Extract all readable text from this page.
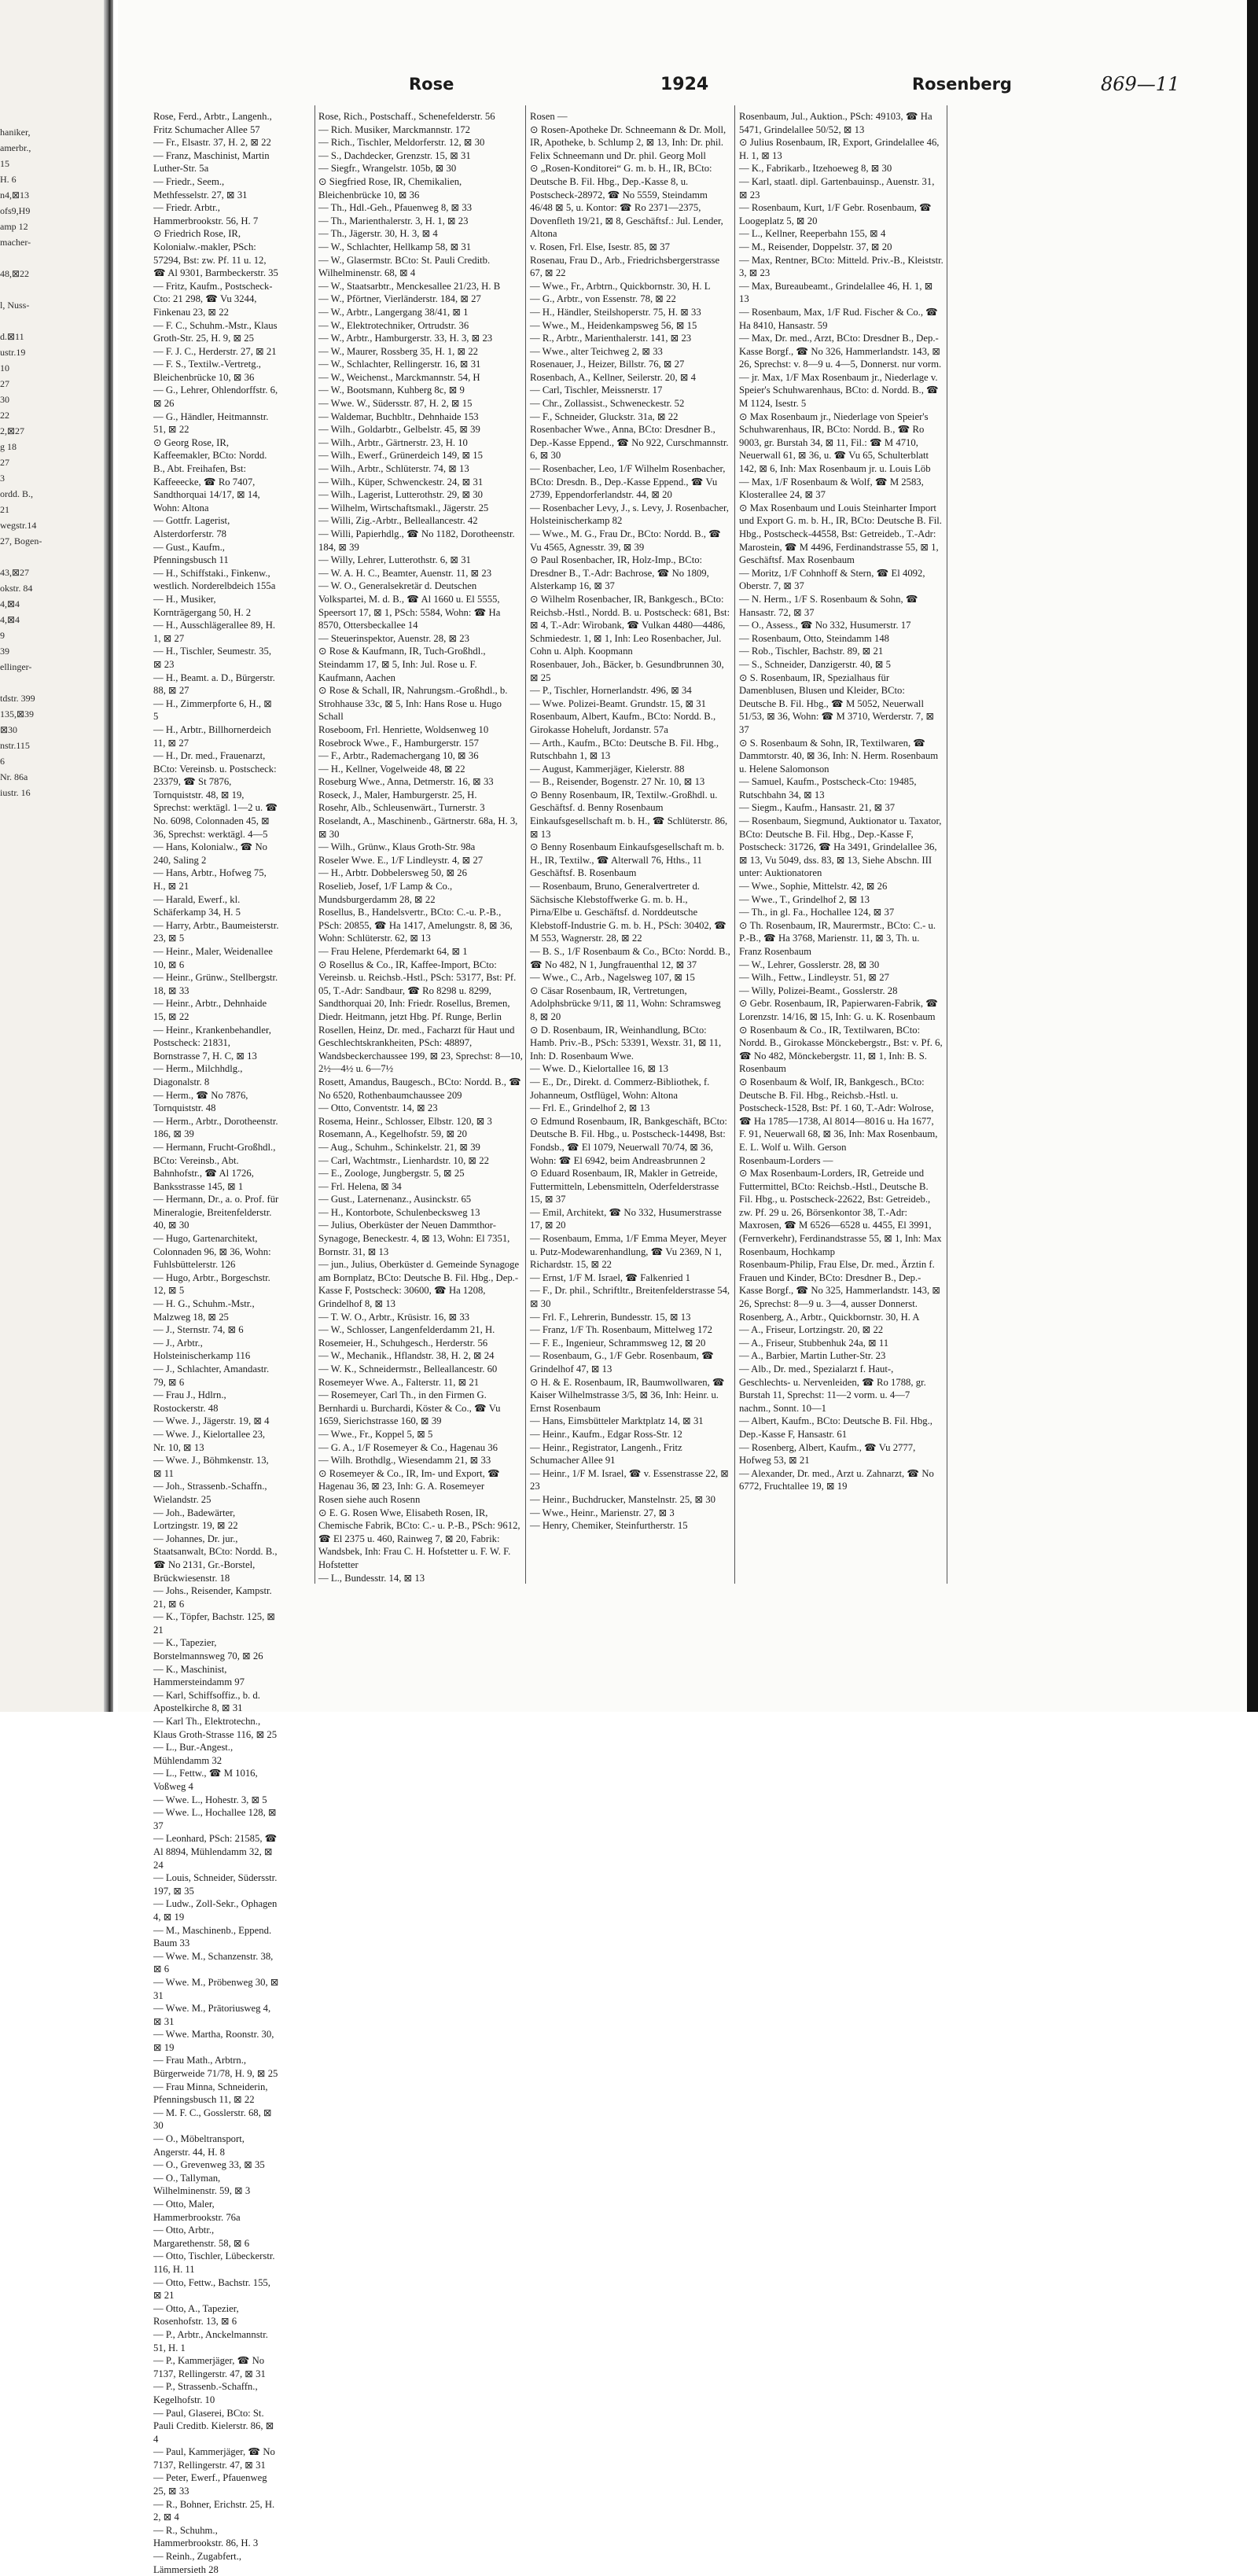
haniker,
amerbr.,
15
H. 6
n4,⊠13
ofs9,H9
amp 12
macher-

48,⊠22

l, Nuss-

d.⊠11
ustr.19
10
27
30
22
2,⊠27
g 18
27
3
ordd. B.,
21
wegstr.14
27, Bogen-

43,⊠27
okstr. 84
4,⊠4
4,⊠4
9
39
ellinger-

tdstr. 399
135,⊠39
⊠30
nstr.115
6
Nr. 86a
iustr. 16
Rose	1924	Rosenberg	869—11
Rose, Ferd., Arbtr., Langenh., Fritz Schumacher Allee 57
— Fr., Elsastr. 37, H. 2, ⊠ 22
— Franz, Maschinist, Martin Luther-Str. 5a
— Friedr., Seem., Methfesselstr. 27, ⊠ 31
— Friedr. Arbtr., Hammerbrookstr. 56, H. 7
⊙ Friedrich Rose, IR, Kolonialw.-makler, PSch: 57294, Bst: zw. Pf. 11 u. 12, ☎ Al 9301, Barmbeckerstr. 35
— Fritz, Kaufm., Postscheck-Cto: 21 298, ☎ Vu 3244, Finkenau 23, ⊠ 22
— F. C., Schuhm.-Mstr., Klaus Groth-Str. 25, H. 9, ⊠ 25
— F. J. C., Herderstr. 27, ⊠ 21
— F. S., Textilw.-Vertretg., Bleichenbrücke 10, ⊠ 36
— G., Lehrer, Ohlendorffstr. 6, ⊠ 26
— G., Händler, Heitmannstr. 51, ⊠ 22
⊙ Georg Rose, IR, Kaffeemakler, BCto: Nordd. B., Abt. Freihafen, Bst: Kaffeeecke, ☎ Ro 7407, Sandthorquai 14/17, ⊠ 14, Wohn: Altona
— Gottfr. Lagerist, Alsterdorferstr. 78
— Gust., Kaufm., Pfenningsbusch 11
— H., Schiffstaki., Finkenw., westlich. Norderelbdeich 155a
— H., Musiker, Kornträgergang 50, H. 2
— H., Ausschlägerallee 89, H. 1, ⊠ 27
— H., Tischler, Seumestr. 35, ⊠ 23
— H., Beamt. a. D., Bürgerstr. 88, ⊠ 27
— H., Zimmerpforte 6, H., ⊠ 5
— H., Arbtr., Billhornerdeich 11, ⊠ 27
— H., Dr. med., Frauenarzt, BCto: Vereinsb. u. Postscheck: 23379, ☎ St 7876, Tornquiststr. 48, ⊠ 19, Sprechst: werktägl. 1—2 u. ☎ No. 6098, Colonnaden 45, ⊠ 36, Sprechst: werktägl. 4—5
— Hans, Kolonialw., ☎ No 240, Saling 2
— Hans, Arbtr., Hofweg 75, H., ⊠ 21
— Harald, Ewerf., kl. Schäferkamp 34, H. 5
— Harry, Arbtr., Baumeisterstr. 23, ⊠ 5
— Heinr., Maler, Weidenallee 10, ⊠ 6
— Heinr., Grünw., Stellbergstr. 18, ⊠ 33
— Heinr., Arbtr., Dehnhaide 15, ⊠ 22
— Heinr., Krankenbehandler, Postscheck: 21831, Bornstrasse 7, H. C, ⊠ 13
— Herm., Milchhdlg., Diagonalstr. 8
— Herm., ☎ No 7876, Tornquiststr. 48
— Herm., Arbtr., Dorotheenstr. 186, ⊠ 39
— Hermann, Frucht-Großhdl., BCto: Vereinsb., Abt. Bahnhofstr., ☎ Al 1726, Banksstrasse 145, ⊠ 1
— Hermann, Dr., a. o. Prof. für Mineralogie, Breitenfelderstr. 40, ⊠ 30
— Hugo, Gartenarchitekt, Colonnaden 96, ⊠ 36, Wohn: Fuhlsbüttelerstr. 126
— Hugo, Arbtr., Borgeschstr. 12, ⊠ 5
— H. G., Schuhm.-Mstr., Malzweg 18, ⊠ 25
— J., Sternstr. 74, ⊠ 6
— J., Arbtr., Holsteinischerkamp 116
— J., Schlachter, Amandastr. 79, ⊠ 6
— Frau J., Hdlrn., Rostockerstr. 48
— Wwe. J., Jägerstr. 19, ⊠ 4
— Wwe. J., Kielortallee 23, Nr. 10, ⊠ 13
— Wwe. J., Böhmkenstr. 13, ⊠ 11
— Joh., Strassenb.-Schaffn., Wielandstr. 25
— Joh., Badewärter, Lortzingstr. 19, ⊠ 22
— Johannes, Dr. jur., Staatsanwalt, BCto: Nordd. B., ☎ No 2131, Gr.-Borstel, Brückwiesenstr. 18
— Johs., Reisender, Kampstr. 21, ⊠ 6
— K., Töpfer, Bachstr. 125, ⊠ 21
— K., Tapezier, Borstelmannsweg 70, ⊠ 26
— K., Maschinist, Hammersteindamm 97
— Karl, Schiffsoffiz., b. d. Apostelkirche 8, ⊠ 31
— Karl Th., Elektrotechn., Klaus Groth-Strasse 116, ⊠ 25
— L., Bur.-Angest., Mühlendamm 32
— L., Fettw., ☎ M 1016, Voßweg 4
— Wwe. L., Hohestr. 3, ⊠ 5
— Wwe. L., Hochallee 128, ⊠ 37
— Leonhard, PSch: 21585, ☎ Al 8894, Mühlendamm 32, ⊠ 24
— Louis, Schneider, Südersstr. 197, ⊠ 35
— Ludw., Zoll-Sekr., Ophagen 4, ⊠ 19
— M., Maschinenb., Eppend. Baum 33
— Wwe. M., Schanzenstr. 38, ⊠ 6
— Wwe. M., Pröbenweg 30, ⊠ 31
— Wwe. M., Prätoriusweg 4, ⊠ 31
— Wwe. Martha, Roonstr. 30, ⊠ 19
— Frau Math., Arbtrn., Bürgerweide 71/78, H. 9, ⊠ 25
— Frau Minna, Schneiderin, Pfenningsbusch 11, ⊠ 22
— M. F. C., Gosslerstr. 68, ⊠ 30
— O., Möbeltransport, Angerstr. 44, H. 8
— O., Grevenweg 33, ⊠ 35
— O., Tallyman, Wilhelminenstr. 59, ⊠ 3
— Otto, Maler, Hammerbrookstr. 76a
— Otto, Arbtr., Margarethenstr. 58, ⊠ 6
— Otto, Tischler, Lübeckerstr. 116, H. 11
— Otto, Fettw., Bachstr. 155, ⊠ 21
— Otto, A., Tapezier, Rosenhofstr. 13, ⊠ 6
— P., Arbtr., Anckelmannstr. 51, H. 1
— P., Kammerjäger, ☎ No 7137, Rellingerstr. 47, ⊠ 31
— P., Strassenb.-Schaffn., Kegelhofstr. 10
— Paul, Glaserei, BCto: St. Pauli Creditb. Kielerstr. 86, ⊠ 4
— Paul, Kammerjäger, ☎ No 7137, Rellingerstr. 47, ⊠ 31
— Peter, Ewerf., Pfauenweg 25, ⊠ 33
— R., Bohner, Erichstr. 25, H. 2, ⊠ 4
— R., Schuhm., Hammerbrookstr. 86, H. 3
— Reinh., Zugabfert., Lämmersieth 28
Rose, Rich., Postschaff., Schenefelderstr. 56
— Rich. Musiker, Marckmannstr. 172
— Rich., Tischler, Meldorferstr. 12, ⊠ 30
— S., Dachdecker, Grenzstr. 15, ⊠ 31
— Siegfr., Wrangelstr. 105b, ⊠ 30
⊙ Siegfried Rose, IR, Chemikalien, Bleichenbrücke 10, ⊠ 36
— Th., Hdl.-Geh., Pfauenweg 8, ⊠ 33
— Th., Marienthalerstr. 3, H. 1, ⊠ 23
— Th., Jägerstr. 30, H. 3, ⊠ 4
— W., Schlachter, Hellkamp 58, ⊠ 31
— W., Glasermstr. BCto: St. Pauli Creditb. Wilhelminenstr. 68, ⊠ 4
— W., Staatsarbtr., Menckesallee 21/23, H. B
— W., Pförtner, Vierländerstr. 184, ⊠ 27
— W., Arbtr., Langergang 38/41, ⊠ 1
— W., Elektrotechniker, Ortrudstr. 36
— W., Arbtr., Hamburgerstr. 33, H. 3, ⊠ 23
— W., Maurer, Rossberg 35, H. 1, ⊠ 22
— W., Schlachter, Rellingerstr. 16, ⊠ 31
— W., Weichenst., Marckmannstr. 54, H
— W., Bootsmann, Kuhberg 8c, ⊠ 9
— Wwe. W., Südersstr. 87, H. 2, ⊠ 15
— Waldemar, Buchbltr., Dehnhaide 153
— Wilh., Goldarbtr., Gelbelstr. 45, ⊠ 39
— Wilh., Arbtr., Gärtnerstr. 23, H. 10
— Wilh., Ewerf., Grünerdeich 149, ⊠ 15
— Wilh., Arbtr., Schlüterstr. 74, ⊠ 13
— Wilh., Küper, Schwenckestr. 24, ⊠ 31
— Wilh., Lagerist, Lutterothstr. 29, ⊠ 30
— Wilhelm, Wirtschaftsmakl., Jägerstr. 25
— Willi, Zig.-Arbtr., Belleallancestr. 42
— Willi, Papierhdlg., ☎ No 1182, Dorotheenstr. 184, ⊠ 39
— Willy, Lehrer, Lutterothstr. 6, ⊠ 31
— W. A. H. C., Beamter, Auenstr. 11, ⊠ 23
— W. O., Generalsekretär d. Deutschen Volkspartei, M. d. B., ☎ Al 1660 u. El 5555, Speersort 17, ⊠ 1, PSch: 5584, Wohn: ☎ Ha 8570, Ottersbeckallee 14
— Steuerinspektor, Auenstr. 28, ⊠ 23
⊙ Rose & Kaufmann, IR, Tuch-Großhdl., Steindamm 17, ⊠ 5, Inh: Jul. Rose u. F. Kaufmann, Aachen
⊙ Rose & Schall, IR, Nahrungsm.-Großhdl., b. Strohhause 33c, ⊠ 5, Inh: Hans Rose u. Hugo Schall
Roseboom, Frl. Henriette, Woldsenweg 10
Rosebrock Wwe., F., Hamburgerstr. 157
— F., Arbtr., Rademachergang 10, ⊠ 36
— H., Kellner, Vogelweide 48, ⊠ 22
Roseburg Wwe., Anna, Detmerstr. 16, ⊠ 33
Roseck, J., Maler, Hamburgerstr. 25, H.
Rosehr, Alb., Schleusenwärt., Turnerstr. 3
Roselandt, A., Maschinenb., Gärtnerstr. 68a, H. 3, ⊠ 30
— Wilh., Grünw., Klaus Groth-Str. 98a
Roseler Wwe. E., 1/F Lindleystr. 4, ⊠ 27
— H., Arbtr. Dobbelersweg 50, ⊠ 26
Roselieb, Josef, 1/F Lamp & Co., Mundsburgerdamm 28, ⊠ 22
Rosellus, B., Handelsvertr., BCto: C.-u. P.-B., PSch: 20855, ☎ Ha 1417, Amelungstr. 8, ⊠ 36, Wohn: Schlüterstr. 62, ⊠ 13
— Frau Helene, Pferdemarkt 64, ⊠ 1
⊙ Rosellus & Co., IR, Kaffee-Import, BCto: Vereinsb. u. Reichsb.-Hstl., PSch: 53177, Bst: Pf. 05, T.-Adr: Sandbaur, ☎ Ro 8298 u. 8299, Sandthorquai 20, Inh: Friedr. Rosellus, Bremen, Diedr. Heitmann, jetzt Hbg. Pf. Runge, Berlin
Rosellen, Heinz, Dr. med., Facharzt für Haut und Geschlechtskrankheiten, PSch: 48897, Wandsbeckerchaussee 199, ⊠ 23, Sprechst: 8—10, 2½—4½ u. 6—7½
Rosett, Amandus, Baugesch., BCto: Nordd. B., ☎ No 6520, Rothenbaumchaussee 209
— Otto, Conventstr. 14, ⊠ 23
Rosema, Heinr., Schlosser, Elbstr. 120, ⊠ 3
Rosemann, A., Kegelhofstr. 59, ⊠ 20
— Aug., Schuhm., Schinkelstr. 21, ⊠ 39
— Carl, Wachtmstr., Lienhardstr. 10, ⊠ 22
— E., Zoologe, Jungbergstr. 5, ⊠ 25
— Frl. Helena, ⊠ 34
— Gust., Laternenanz., Ausinckstr. 65
— H., Kontorbote, Schulenbecksweg 13
— Julius, Oberküster der Neuen Dammthor-Synagoge, Beneckestr. 4, ⊠ 13, Wohn: El 7351, Bornstr. 31, ⊠ 13
— jun., Julius, Oberküster d. Gemeinde Synagoge am Bornplatz, BCto: Deutsche B. Fil. Hbg., Dep.-Kasse F, Postscheck: 30600, ☎ Ha 1208, Grindelhof 8, ⊠ 13
— T. W. O., Arbtr., Krüsistr. 16, ⊠ 33
— W., Schlosser, Langenfelderdamm 21, H.
Rosemeier, H., Schuhgesch., Herderstr. 56
— W., Mechanik., Hflandstr. 38, H. 2, ⊠ 24
— W. K., Schneidermstr., Belleallancestr. 60
Rosemeyer Wwe. A., Falterstr. 11, ⊠ 21
— Rosemeyer, Carl Th., in den Firmen G. Bernhardi u. Burchardi, Köster & Co., ☎ Vu 1659, Sierichstrasse 160, ⊠ 39
— Wwe., Fr., Koppel 5, ⊠ 5
— G. A., 1/F Rosemeyer & Co., Hagenau 36
— Wilh. Brothdlg., Wiesendamm 21, ⊠ 33
⊙ Rosemeyer & Co., IR, Im- und Export, ☎ Hagenau 36, ⊠ 23, Inh: G. A. Rosemeyer
Rosen siehe auch Rosenn
⊙ E. G. Rosen Wwe, Elisabeth Rosen, IR, Chemische Fabrik, BCto: C.- u. P.-B., PSch: 9612, ☎ El 2375 u. 460, Rainweg 7, ⊠ 20, Fabrik: Wandsbek, Inh: Frau C. H. Hofstetter u. F. W. F. Hofstetter
— L., Bundesstr. 14, ⊠ 13
Rosen —
⊙ Rosen-Apotheke Dr. Schneemann & Dr. Moll, IR, Apotheke, b. Schlump 2, ⊠ 13, Inh: Dr. phil. Felix Schneemann und Dr. phil. Georg Moll
⊙ „Rosen-Konditorei“ G. m. b. H., IR, BCto: Deutsche B. Fil. Hbg., Dep.-Kasse 8, u. Postscheck-28972, ☎ No 5559, Steindamm 46/48 ⊠ 5, u. Kontor: ☎ Ro 2371—2375, Dovenfleth 19/21, ⊠ 8, Geschäftsf.: Jul. Lender, Altona
v. Rosen, Frl. Else, Isestr. 85, ⊠ 37
Rosenau, Frau D., Arb., Friedrichsbergerstrasse 67, ⊠ 22
— Wwe., Fr., Arbtrn., Quickbornstr. 30, H. L
— G., Arbtr., von Essenstr. 78, ⊠ 22
— H., Händler, Steilshoperstr. 75, H. ⊠ 33
— Wwe., M., Heidenkampsweg 56, ⊠ 15
— R., Arbtr., Marienthalerstr. 141, ⊠ 23
— Wwe., alter Teichweg 2, ⊠ 33
Rosenauer, J., Heizer, Billstr. 76, ⊠ 27
Rosenbach, A., Kellner, Seilerstr. 20, ⊠ 4
— Carl, Tischler, Meissnerstr. 17
— Chr., Zollassist., Schweneckestr. 52
— F., Schneider, Gluckstr. 31a, ⊠ 22
Rosenbacher Wwe., Anna, BCto: Dresdner B., Dep.-Kasse Eppend., ☎ No 922, Curschmannstr. 6, ⊠ 30
— Rosenbacher, Leo, 1/F Wilhelm Rosenbacher, BCto: Dresdn. B., Dep.-Kasse Eppend., ☎ Vu 2739, Eppendorferlandstr. 44, ⊠ 20
— Rosenbacher Levy, J., s. Levy, J. Rosenbacher, Holsteinischerkamp 82
— Wwe., M. G., Frau Dr., BCto: Nordd. B., ☎ Vu 4565, Agnesstr. 39, ⊠ 39
⊙ Paul Rosenbacher, IR, Holz-Imp., BCto: Dresdner B., T.-Adr: Bachrose, ☎ No 1809, Alsterkamp 16, ⊠ 37
⊙ Wilhelm Rosenbacher, IR, Bankgesch., BCto: Reichsb.-Hstl., Nordd. B. u. Postscheck: 681, Bst: ⊠ 4, T.-Adr: Wirobank, ☎ Vulkan 4480—4486, Schmiedestr. 1, ⊠ 1, Inh: Leo Rosenbacher, Jul. Cohn u. Alph. Koopmann
Rosenbauer, Joh., Bäcker, b. Gesundbrunnen 30, ⊠ 25
— P., Tischler, Hornerlandstr. 496, ⊠ 34
— Wwe. Polizei-Beamt. Grundstr. 15, ⊠ 31
Rosenbaum, Albert, Kaufm., BCto: Nordd. B., Girokasse Hoheluft, Jordanstr. 57a
— Arth., Kaufm., BCto: Deutsche B. Fil. Hbg., Rutschbahn 1, ⊠ 13
— August, Kammerjäger, Kielerstr. 88
— B., Reisender, Bogenstr. 27 Nr. 10, ⊠ 13
⊙ Benny Rosenbaum, IR, Textilw.-Großhdl. u. Geschäftsf. d. Benny Rosenbaum Einkaufsgesellschaft m. b. H., ☎ Schlüterstr. 86, ⊠ 13
⊙ Benny Rosenbaum Einkaufsgesellschaft m. b. H., IR, Textilw., ☎ Alterwall 76, Hths., 11 Geschäftsf. B. Rosenbaum
— Rosenbaum, Bruno, Generalvertreter d. Sächsische Klebstoffwerke G. m. b. H., Pirna/Elbe u. Geschäftsf. d. Norddeutsche Klebstoff-Industrie G. m. b. H., PSch: 30402, ☎ M 553, Wagnerstr. 28, ⊠ 22
— B. S., 1/F Rosenbaum & Co., BCto: Nordd. B., ☎ No 482, N 1, Jungfrauenthal 12, ⊠ 37
— Wwe., C., Arb., Nagelsweg 107, ⊠ 15
⊙ Cäsar Rosenbaum, IR, Vertretungen, Adolphsbrücke 9/11, ⊠ 11, Wohn: Schramsweg 8, ⊠ 20
⊙ D. Rosenbaum, IR, Weinhandlung, BCto: Hamb. Priv.-B., PSch: 53391, Wexstr. 31, ⊠ 11, Inh: D. Rosenbaum Wwe.
— Wwe. D., Kielortallee 16, ⊠ 13
— E., Dr., Direkt. d. Commerz-Bibliothek, f. Johanneum, Ostflügel, Wohn: Altona
— Frl. E., Grindelhof 2, ⊠ 13
⊙ Edmund Rosenbaum, IR, Bankgeschäft, BCto: Deutsche B. Fil. Hbg., u. Postscheck-14498, Bst: Fondsb., ☎ El 1079, Neuerwall 70/74, ⊠ 36, Wohn: ☎ El 6942, beim Andreasbrunnen 2
⊙ Eduard Rosenbaum, IR, Makler in Getreide, Futtermitteln, Lebensmitteln, Oderfelderstrasse 15, ⊠ 37
— Emil, Architekt, ☎ No 332, Husumerstrasse 17, ⊠ 20
— Rosenbaum, Emma, 1/F Emma Meyer, Meyer u. Putz-Modewarenhandlung, ☎ Vu 2369, N 1, Richardstr. 15, ⊠ 22
— Ernst, 1/F M. Israel, ☎ Falkenried 1
— F., Dr. phil., Schriftltr., Breitenfelderstrasse 54, ⊠ 30
— Frl. F., Lehrerin, Bundesstr. 15, ⊠ 13
— Franz, 1/F Th. Rosenbaum, Mittelweg 172
— F. E., Ingenieur, Schrammsweg 12, ⊠ 20
— Rosenbaum, G., 1/F Gebr. Rosenbaum, ☎ Grindelhof 47, ⊠ 13
⊙ H. & E. Rosenbaum, IR, Baumwollwaren, ☎ Kaiser Wilhelmstrasse 3/5, ⊠ 36, Inh: Heinr. u. Ernst Rosenbaum
— Hans, Eimsbütteler Marktplatz 14, ⊠ 31
— Heinr., Kaufm., Edgar Ross-Str. 12
— Heinr., Registrator, Langenh., Fritz Schumacher Allee 91
— Heinr., 1/F M. Israel, ☎ v. Essenstrasse 22, ⊠ 23
— Heinr., Buchdrucker, Manstelnstr. 25, ⊠ 30
— Wwe., Heinr., Marienstr. 27, ⊠ 3
— Henry, Chemiker, Steinfurtherstr. 15
Rosenbaum, Jul., Auktion., PSch: 49103, ☎ Ha 5471, Grindelallee 50/52, ⊠ 13
⊙ Julius Rosenbaum, IR, Export, Grindelallee 46, H. 1, ⊠ 13
— K., Fabrikarb., Itzehoeweg 8, ⊠ 30
— Karl, staatl. dipl. Gartenbauinsp., Auenstr. 31, ⊠ 23
— Rosenbaum, Kurt, 1/F Gebr. Rosenbaum, ☎ Loogeplatz 5, ⊠ 20
— L., Kellner, Reeperbahn 155, ⊠ 4
— M., Reisender, Doppelstr. 37, ⊠ 20
— Max, Rentner, BCto: Mitteld. Priv.-B., Kleiststr. 3, ⊠ 23
— Max, Bureaubeamt., Grindelallee 46, H. 1, ⊠ 13
— Rosenbaum, Max, 1/F Rud. Fischer & Co., ☎ Ha 8410, Hansastr. 59
— Max, Dr. med., Arzt, BCto: Dresdner B., Dep.-Kasse Borgf., ☎ No 326, Hammerlandstr. 143, ⊠ 26, Sprechst: v. 8—9 u. 4—5, Donnerst. nur vorm.
— jr. Max, 1/F Max Rosenbaum jr., Niederlage v. Speier's Schuhwarenhaus, BCto: d. Nordd. B., ☎ M 1124, Isestr. 5
⊙ Max Rosenbaum jr., Niederlage von Speier's Schuhwarenhaus, IR, BCto: Nordd. B., ☎ Ro 9003, gr. Burstah 34, ⊠ 11, Fil.: ☎ M 4710, Neuerwall 61, ⊠ 36, u. ☎ Vu 65, Schulterblatt 142, ⊠ 6, Inh: Max Rosenbaum jr. u. Louis Löb
— Max, 1/F Rosenbaum & Wolf, ☎ M 2583, Klosterallee 24, ⊠ 37
⊙ Max Rosenbaum und Louis Steinharter Import und Export G. m. b. H., IR, BCto: Deutsche B. Fil. Hbg., Postscheck-44558, Bst: Getreideb., T.-Adr: Marostein, ☎ M 4496, Ferdinandstrasse 55, ⊠ 1, Geschäftsf. Max Rosenbaum
— Moritz, 1/F Cohnhoff & Stern, ☎ El 4092, Oberstr. 7, ⊠ 37
— N. Herm., 1/F S. Rosenbaum & Sohn, ☎ Hansastr. 72, ⊠ 37
— O., Assess., ☎ No 332, Husumerstr. 17
— Rosenbaum, Otto, Steindamm 148
— Rob., Tischler, Bachstr. 89, ⊠ 21
— S., Schneider, Danzigerstr. 40, ⊠ 5
⊙ S. Rosenbaum, IR, Spezialhaus für Damenblusen, Blusen und Kleider, BCto: Deutsche B. Fil. Hbg., ☎ M 5052, Neuerwall 51/53, ⊠ 36, Wohn: ☎ M 3710, Werderstr. 7, ⊠ 37
⊙ S. Rosenbaum & Sohn, IR, Textilwaren, ☎ Dammtorstr. 40, ⊠ 36, Inh: N. Herm. Rosenbaum u. Helene Salomonson
— Samuel, Kaufm., Postscheck-Cto: 19485, Rutschbahn 34, ⊠ 13
— Siegm., Kaufm., Hansastr. 21, ⊠ 37
— Rosenbaum, Siegmund, Auktionator u. Taxator, BCto: Deutsche B. Fil. Hbg., Dep.-Kasse F, Postscheck: 31726, ☎ Ha 3491, Grindelallee 36, ⊠ 13, Vu 5049, dss. 83, ⊠ 13, Siehe Abschn. III unter: Auktionatoren
— Wwe., Sophie, Mittelstr. 42, ⊠ 26
— Wwe., T., Grindelhof 2, ⊠ 13
— Th., in gl. Fa., Hochallee 124, ⊠ 37
⊙ Th. Rosenbaum, IR, Maurermstr., BCto: C.- u. P.-B., ☎ Ha 3768, Marienstr. 11, ⊠ 3, Th. u. Franz Rosenbaum
— W., Lehrer, Gosslerstr. 28, ⊠ 30
— Wilh., Fettw., Lindleystr. 51, ⊠ 27
— Willy, Polizei-Beamt., Gosslerstr. 28
⊙ Gebr. Rosenbaum, IR, Papierwaren-Fabrik, ☎ Lorenzstr. 14/16, ⊠ 15, Inh: G. u. K. Rosenbaum
⊙ Rosenbaum & Co., IR, Textilwaren, BCto: Nordd. B., Girokasse Mönckebergstr., Bst: v. Pf. 6, ☎ No 482, Mönckebergstr. 11, ⊠ 1, Inh: B. S. Rosenbaum
⊙ Rosenbaum & Wolf, IR, Bankgesch., BCto: Deutsche B. Fil. Hbg., Reichsb.-Hstl. u. Postscheck-1528, Bst: Pf. 1 60, T.-Adr: Wolrose, ☎ Ha 1785—1738, Al 8014—8016 u. Ha 1677, F. 91, Neuerwall 68, ⊠ 36, Inh: Max Rosenbaum, E. L. Wolf u. Wilh. Gerson
Rosenbaum-Lorders —
⊙ Max Rosenbaum-Lorders, IR, Getreide und Futtermittel, BCto: Reichsb.-Hstl., Deutsche B. Fil. Hbg., u. Postscheck-22622, Bst: Getreideb., zw. Pf. 29 u. 26, Börsenkontor 38, T.-Adr: Maxrosen, ☎ M 6526—6528 u. 4455, El 3991, (Fernverkehr), Ferdinandstrasse 55, ⊠ 1, Inh: Max Rosenbaum, Hochkamp
Rosenbaum-Philip, Frau Else, Dr. med., Ärztin f. Frauen und Kinder, BCto: Dresdner B., Dep.-Kasse Borgf., ☎ No 325, Hammerlandstr. 143, ⊠ 26, Sprechst: 8—9 u. 3—4, ausser Donnerst.
Rosenberg, A., Arbtr., Quickbornstr. 30, H. A
— A., Friseur, Lortzingstr. 20, ⊠ 22
— A., Friseur, Stubbenhuk 24a, ⊠ 11
— A., Barbier, Martin Luther-Str. 23
— Alb., Dr. med., Spezialarzt f. Haut-, Geschlechts- u. Nervenleiden, ☎ Ro 1788, gr. Burstah 11, Sprechst: 11—2 vorm. u. 4—7 nachm., Sonnt. 10—1
— Albert, Kaufm., BCto: Deutsche B. Fil. Hbg., Dep.-Kasse F, Hansastr. 61
— Rosenberg, Albert, Kaufm., ☎ Vu 2777, Hofweg 53, ⊠ 21
— Alexander, Dr. med., Arzt u. Zahnarzt, ☎ No 6772, Fruchtallee 19, ⊠ 19
